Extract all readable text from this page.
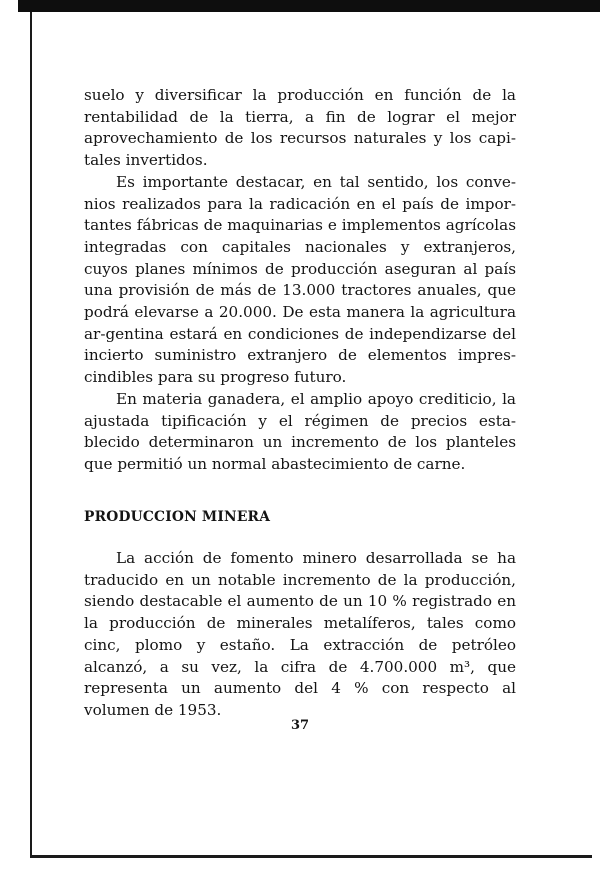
suelo y diversificar la producción en función de la rentabilidad de la tierra, a fin de lograr el mejor aprovechamiento de los recursos naturales y los capi-tales invertidos.

Es importante destacar, en tal sentido, los conve-nios realizados para la radicación en el país de impor-tantes fábricas de maquinarias e implementos agrícolas integradas con capitales nacionales y extranjeros, cuyos planes mínimos de producción aseguran al país una provisión de más de 13.000 tractores anuales, que podrá elevarse a 20.000. De esta manera la agricultura ar-gentina estará en condiciones de independizarse del incierto suministro extranjero de elementos impres-cindibles para su progreso futuro.

En materia ganadera, el amplio apoyo crediticio, la ajustada tipificación y el régimen de precios esta-blecido determinaron un incremento de los planteles que permitió un normal abastecimiento de carne.

PRODUCCION MINERA

La acción de fomento minero desarrollada se ha traducido en un notable incremento de la producción, siendo destacable el aumento de un 10 % registrado en la producción de minerales metalíferos, tales como cinc, plomo y estaño. La extracción de petróleo alcanzó, a su vez, la cifra de 4.700.000 m³, que representa un aumento del 4 % con respecto al volumen de 1953.

37
